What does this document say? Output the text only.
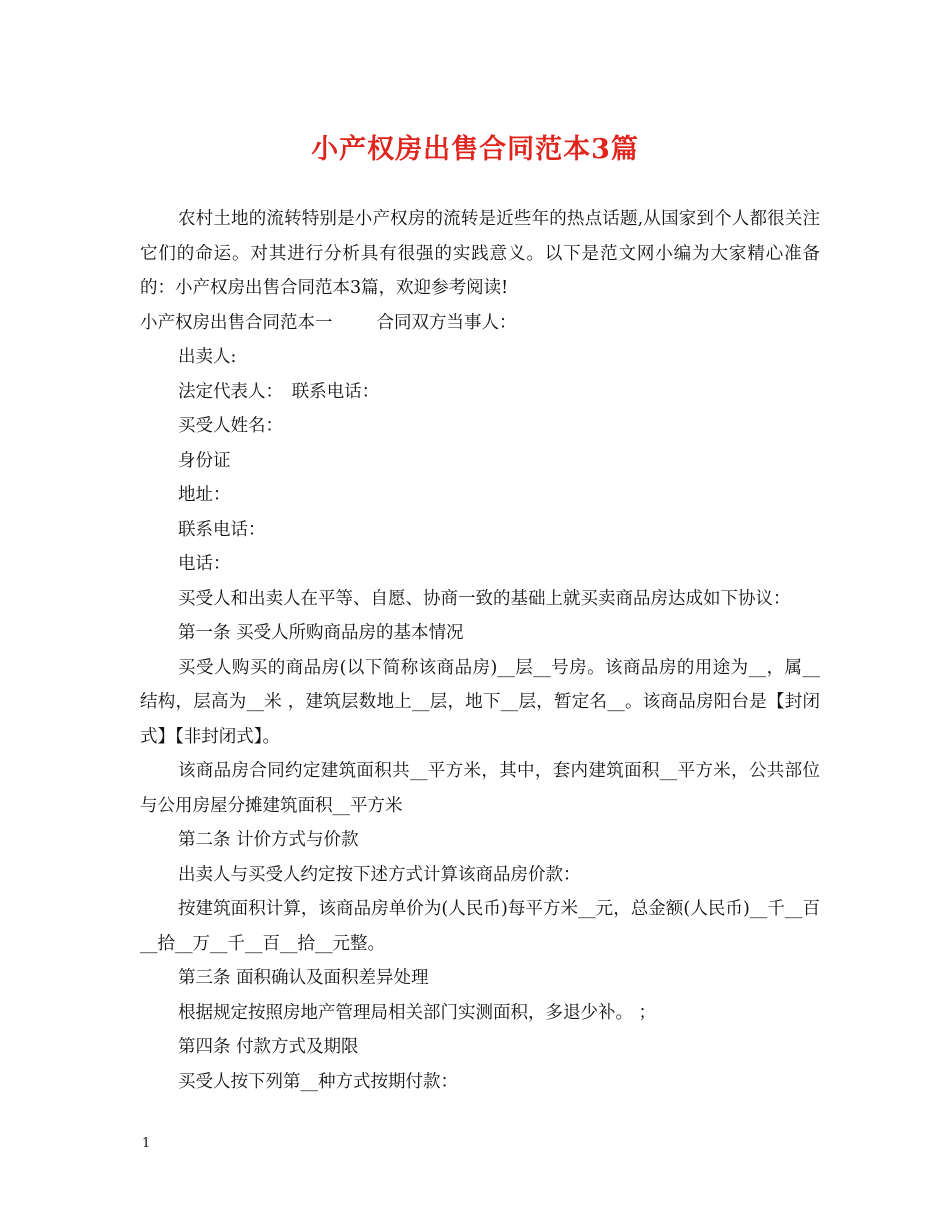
小产权房出售合同范本3篇

农村土地的流转特别是小产权房的流转是近些年的热点话题,从国家到个人都很关注它们的命运。对其进行分析具有很强的实践意义。以下是范文网小编为大家精心准备的：小产权房出售合同范本3篇，欢迎参考阅读!

小产权房出售合同范本一	合同双方当事人：

出卖人:

法定代表人：　联系电话：

买受人姓名：

身份证

地址：

联系电话：

电话：

买受人和出卖人在平等、自愿、协商一致的基础上就买卖商品房达成如下协议：

第一条 买受人所购商品房的基本情况

买受人购买的商品房(以下简称该商品房)__层__号房。该商品房的用途为__，属__结构，层高为__米 ，建筑层数地上__层，地下__层，暂定名__。该商品房阳台是【封闭式】【非封闭式】。

该商品房合同约定建筑面积共__平方米，其中，套内建筑面积__平方米，公共部位与公用房屋分摊建筑面积__平方米

第二条 计价方式与价款

出卖人与买受人约定按下述方式计算该商品房价款：

按建筑面积计算，该商品房单价为(人民币)每平方米__元，总金额(人民币)__千__百__拾__万__千__百__拾__元整。

第三条 面积确认及面积差异处理

根据规定按照房地产管理局相关部门实测面积，多退少补。 ；

第四条 付款方式及期限

买受人按下列第__种方式按期付款：

1
